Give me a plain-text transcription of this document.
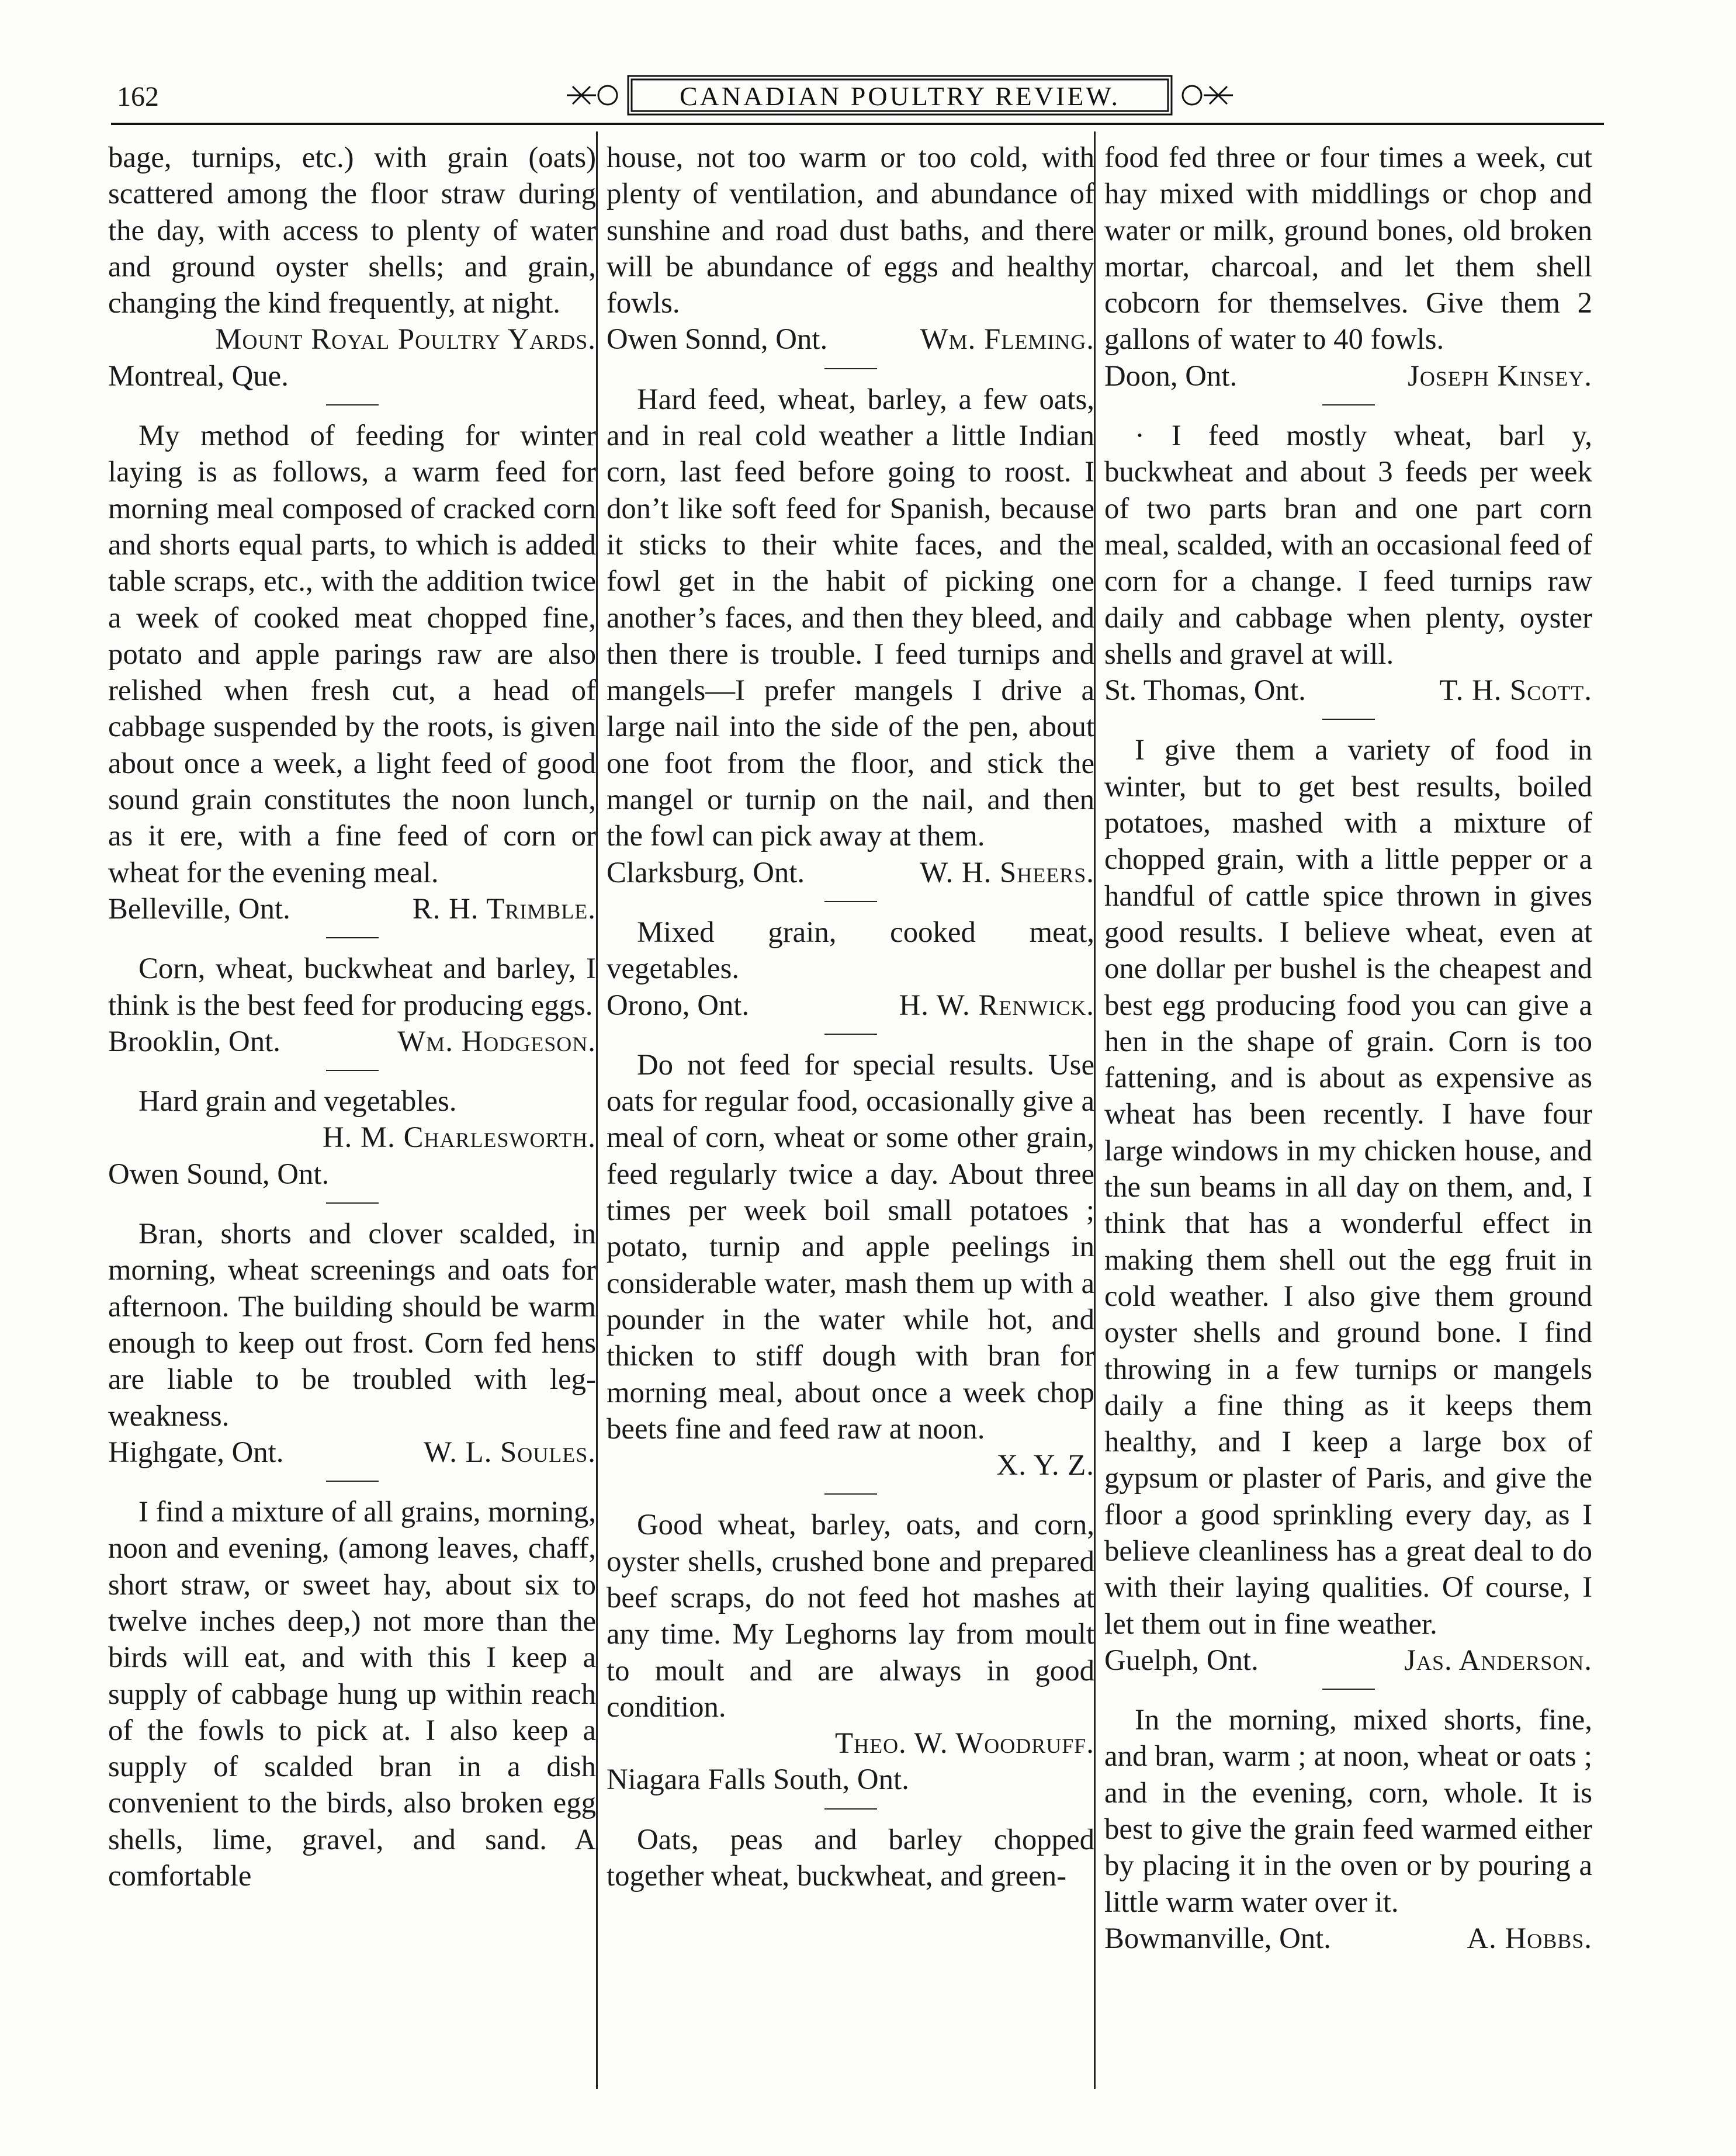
162	CANADIAN POULTRY REVIEW.

bage, turnips, etc.) with grain (oats) scattered among the floor straw during the day, with access to plenty of water and ground oyster shells; and grain, changing the kind frequently, at night.

Mount Royal Poultry Yards.
Montreal, Que.

My method of feeding for winter laying is as follows, a warm feed for morning meal composed of cracked corn and shorts equal parts, to which is added table scraps, etc., with the addition twice a week of cooked meat chopped fine, potato and apple parings raw are also relished when fresh cut, a head of cabbage suspended by the roots, is given about once a week, a light feed of good sound grain constitutes the noon lunch, as it ere, with a fine feed of corn or wheat for the evening meal.

Belleville, Ont.	R. H. Trimble.

Corn, wheat, buckwheat and barley, I think is the best feed for producing eggs.

Brooklin, Ont.	Wm. Hodgeson.

Hard grain and vegetables.

H. M. Charlesworth.
Owen Sound, Ont.

Bran, shorts and clover scalded, in morning, wheat screenings and oats for afternoon. The building should be warm enough to keep out frost. Corn fed hens are liable to be troubled with leg-weakness.

Highgate, Ont.	W. L. Soules.

I find a mixture of all grains, morning, noon and evening, (among leaves, chaff, short straw, or sweet hay, about six to twelve inches deep,) not more than the birds will eat, and with this I keep a supply of cabbage hung up within reach of the fowls to pick at. I also keep a supply of scalded bran in a dish convenient to the birds, also broken egg shells, lime, gravel, and sand. A comfortable

house, not too warm or too cold, with plenty of ventilation, and abundance of sunshine and road dust baths, and there will be abundance of eggs and healthy fowls.

Owen Sonnd, Ont.	Wm. Fleming.

Hard feed, wheat, barley, a few oats, and in real cold weather a little Indian corn, last feed before going to roost. I don’t like soft feed for Spanish, because it sticks to their white faces, and the fowl get in the habit of picking one another’s faces, and then they bleed, and then there is trouble. I feed turnips and mangels—I prefer mangels I drive a large nail into the side of the pen, about one foot from the floor, and stick the mangel or turnip on the nail, and then the fowl can pick away at them.

Clarksburg, Ont.	W. H. Sheers.

Mixed grain, cooked meat, vegetables.

Orono, Ont.	H. W. Renwick.

Do not feed for special results. Use oats for regular food, occasionally give a meal of corn, wheat or some other grain, feed regularly twice a day. About three times per week boil small potatoes ; potato, turnip and apple peelings in considerable water, mash them up with a pounder in the water while hot, and thicken to stiff dough with bran for morning meal, about once a week chop beets fine and feed raw at noon.

X. Y. Z.

Good wheat, barley, oats, and corn, oyster shells, crushed bone and prepared beef scraps, do not feed hot mashes at any time. My Leghorns lay from moult to moult and are always in good condition.

Theo. W. Woodruff.
Niagara Falls South, Ont.

Oats, peas and barley chopped together wheat, buckwheat, and green-

food fed three or four times a week, cut hay mixed with middlings or chop and water or milk, ground bones, old broken mortar, charcoal, and let them shell cobcorn for themselves. Give them 2 gallons of water to 40 fowls.

Doon, Ont.	Joseph Kinsey.

· I feed mostly wheat, barl y, buckwheat and about 3 feeds per week of two parts bran and one part corn meal, scalded, with an occasional feed of corn for a change. I feed turnips raw daily and cabbage when plenty, oyster shells and gravel at will.

St. Thomas, Ont.	T. H. Scott.

I give them a variety of food in winter, but to get best results, boiled potatoes, mashed with a mixture of chopped grain, with a little pepper or a handful of cattle spice thrown in gives good results. I believe wheat, even at one dollar per bushel is the cheapest and best egg producing food you can give a hen in the shape of grain. Corn is too fattening, and is about as expensive as wheat has been recently. I have four large windows in my chicken house, and the sun beams in all day on them, and, I think that has a wonderful effect in making them shell out the egg fruit in cold weather. I also give them ground oyster shells and ground bone. I find throwing in a few turnips or mangels daily a fine thing as it keeps them healthy, and I keep a large box of gypsum or plaster of Paris, and give the floor a good sprinkling every day, as I believe cleanliness has a great deal to do with their laying qualities. Of course, I let them out in fine weather.

Guelph, Ont.	Jas. Anderson.

In the morning, mixed shorts, fine, and bran, warm ; at noon, wheat or oats ; and in the evening, corn, whole. It is best to give the grain feed warmed either by placing it in the oven or by pouring a little warm water over it.

Bowmanville, Ont.	A. Hobbs.
